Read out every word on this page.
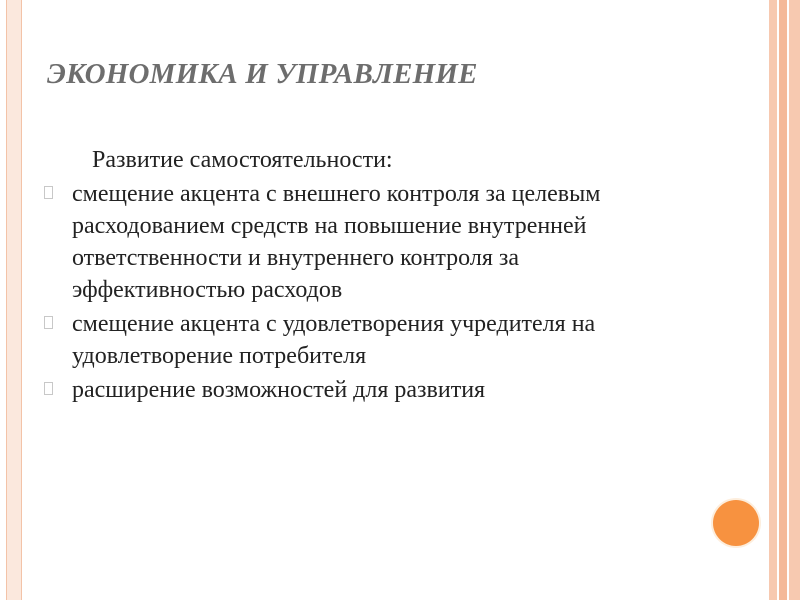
ЭКОНОМИКА И УПРАВЛЕНИЕ

Развитие самостоятельности:

смещение акцента с внешнего контроля за целевым расходованием средств на повышение внутренней ответственности и внутреннего контроля за эффективностью расходов
смещение акцента с удовлетворения учредителя на удовлетворение потребителя
расширение возможностей для развития
